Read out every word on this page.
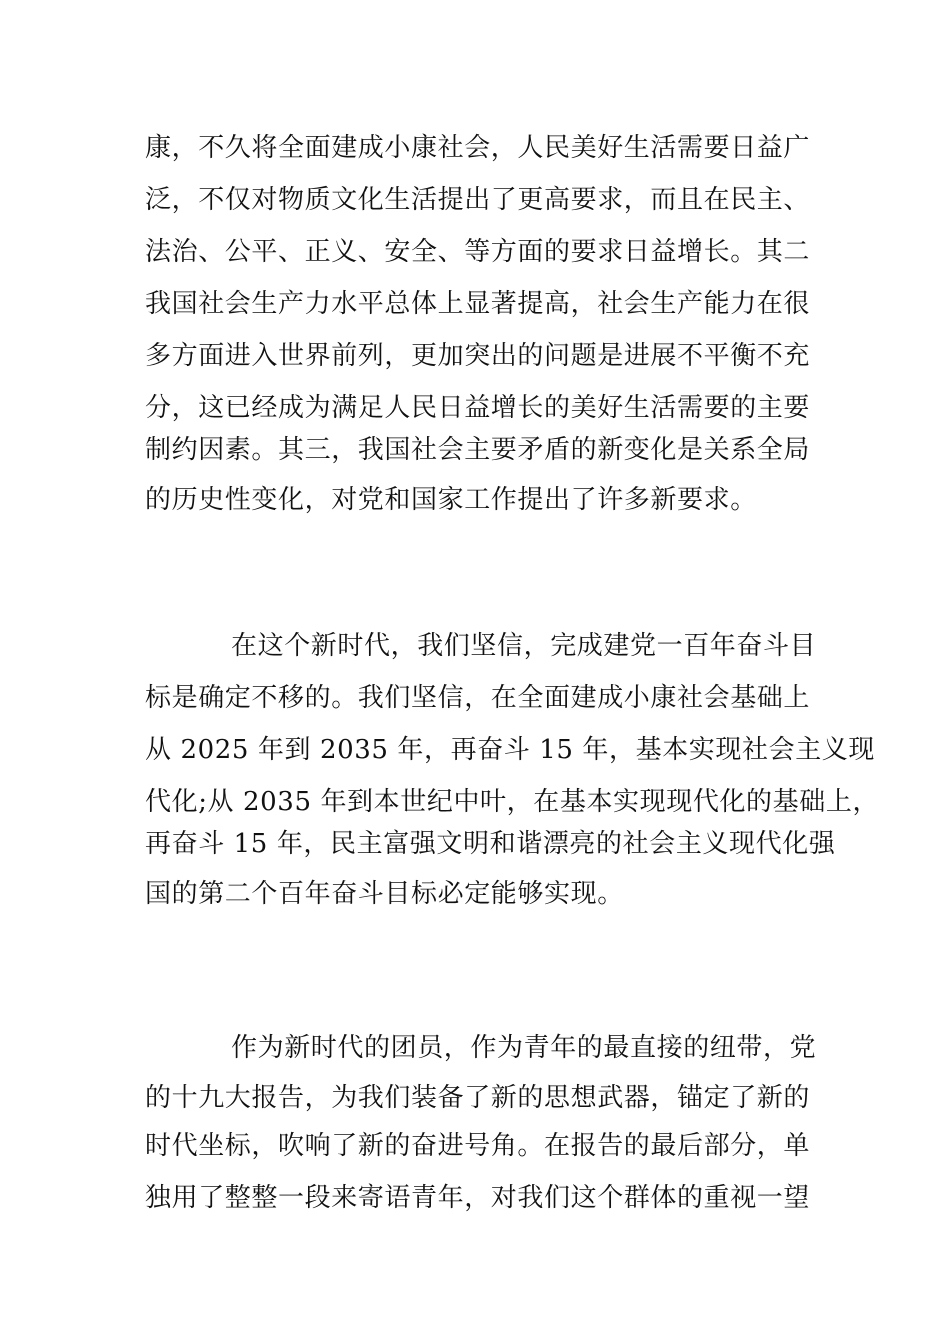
康，不久将全面建成小康社会，人民美好生活需要日益广
泛，不仅对物质文化生活提出了更高要求，而且在民主、
法治、公平、正义、安全、等方面的要求日益增长。其二
我国社会生产力水平总体上显著提高，社会生产能力在很
多方面进入世界前列，更加突出的问题是进展不平衡不充
分，这已经成为满足人民日益增长的美好生活需要的主要
制约因素。其三，我国社会主要矛盾的新变化是关系全局
的历史性变化，对党和国家工作提出了许多新要求。
在这个新时代，我们坚信，完成建党一百年奋斗目
标是确定不移的。我们坚信，在全面建成小康社会基础上
从 2025 年到 2035 年，再奋斗 15 年，基本实现社会主义现
代化;从 2035 年到本世纪中叶，在基本实现现代化的基础上，
再奋斗 15 年，民主富强文明和谐漂亮的社会主义现代化强
国的第二个百年奋斗目标必定能够实现。
作为新时代的团员，作为青年的最直接的纽带，党
的十九大报告，为我们装备了新的思想武器，锚定了新的
时代坐标，吹响了新的奋进号角。在报告的最后部分，单
独用了整整一段来寄语青年，对我们这个群体的重视一望
